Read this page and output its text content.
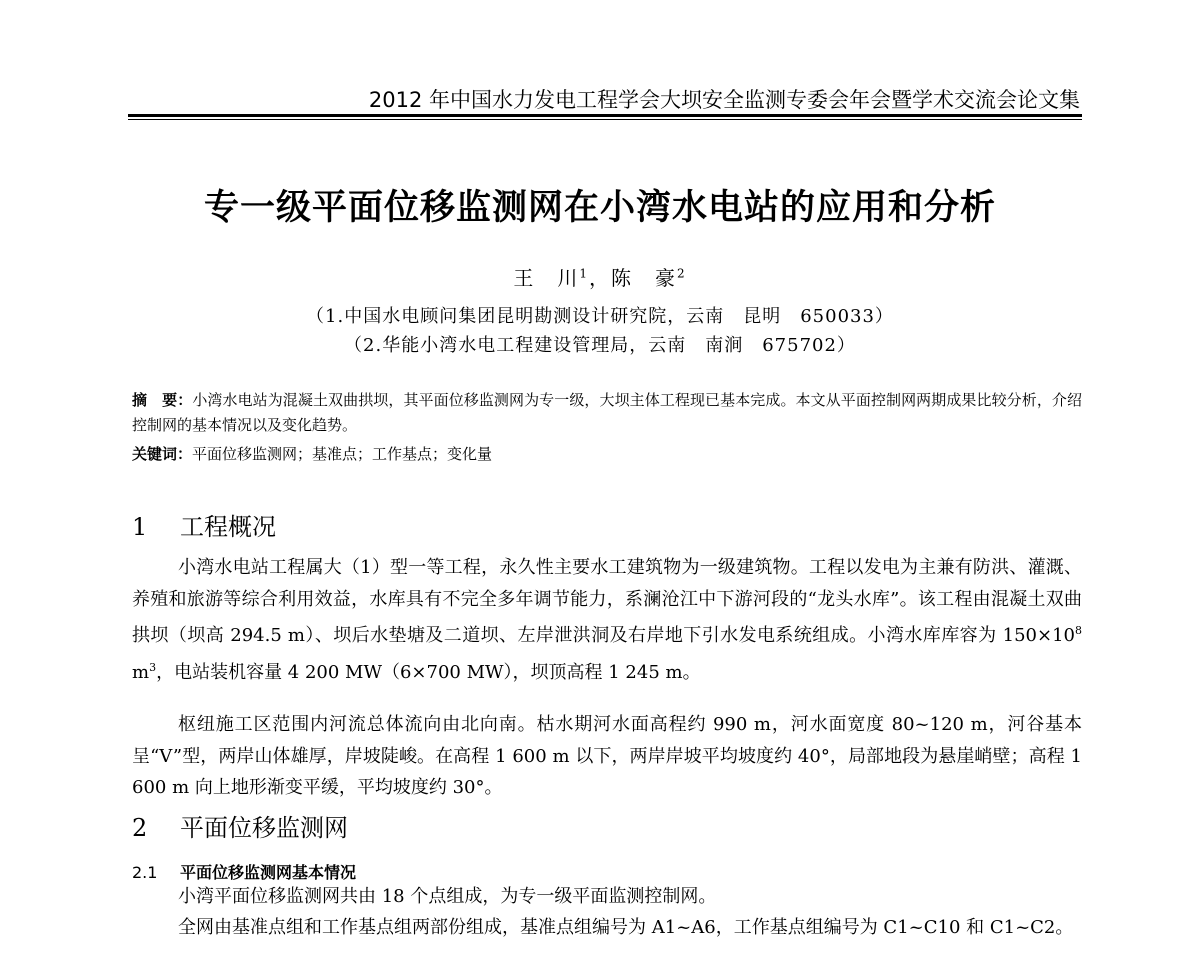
2012 年中国水力发电工程学会大坝安全监测专委会年会暨学术交流会论文集
专一级平面位移监测网在小湾水电站的应用和分析
王　川$^1$，陈　豪$^2$
（1.中国水电顾问集团昆明勘测设计研究院，云南　昆明　650033）
（2.华能小湾水电工程建设管理局，云南　南涧　675702）
摘　要：小湾水电站为混凝土双曲拱坝，其平面位移监测网为专一级，大坝主体工程现已基本完成。本文从平面控制网两期成果比较分析，介绍控制网的基本情况以及变化趋势。
关键词：平面位移监测网；基准点；工作基点；变化量
1 工程概况
小湾水电站工程属大（1）型一等工程，永久性主要水工建筑物为一级建筑物。工程以发电为主兼有防洪、灌溉、养殖和旅游等综合利用效益，水库具有不完全多年调节能力，系澜沧江中下游河段的“龙头水库”。该工程由混凝土双曲拱坝（坝高 294.5 m）、坝后水垫塘及二道坝、左岸泄洪洞及右岸地下引水发电系统组成。小湾水库库容为 $150\times 10^8$ $m^3$，电站装机容量 4 200 MW（6×700 MW），坝顶高程 1 245 m。
枢纽施工区范围内河流总体流向由北向南。枯水期河水面高程约 990 m，河水面宽度 80~120 m，河谷基本呈“V”型，两岸山体雄厚，岸坡陡峻。在高程 1 600 m 以下，两岸岸坡平均坡度约 40°，局部地段为悬崖峭壁；高程 1 600 m 向上地形渐变平缓，平均坡度约 30°。
2 平面位移监测网
2.1 平面位移监测网基本情况
小湾平面位移监测网共由 18 个点组成，为专一级平面监测控制网。
全网由基准点组和工作基点组两部份组成，基准点组编号为 A1~A6，工作基点组编号为 C1~C10 和 C1~C2。
